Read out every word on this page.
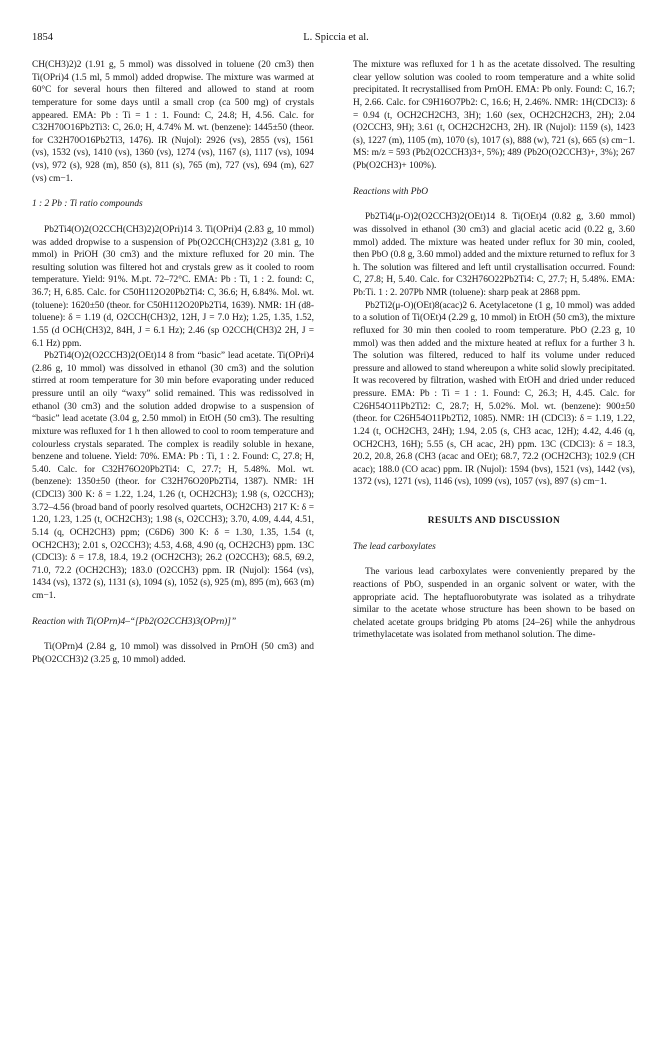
1854	L. Spiccia et al.

CH(CH3)2)2 (1.91 g, 5 mmol) was dissolved in toluene (20 cm3) then Ti(OPri)4 (1.5 ml, 5 mmol) added dropwise. The mixture was warmed at 60°C for several hours then filtered and allowed to stand at room temperature for some days until a small crop (ca 500 mg) of crystals appeared. EMA: Pb : Ti = 1 : 1. Found: C, 24.8; H, 4.56. Calc. for C32H70O16Pb2Ti3: C, 26.0; H, 4.74% M. wt. (benzene): 1445±50 (theor. for C32H70O16Pb2Ti3, 1476). IR (Nujol): 2926 (vs), 2855 (vs), 1561 (vs), 1532 (vs), 1410 (vs), 1360 (vs), 1274 (vs), 1167 (s), 1117 (vs), 1094 (vs), 972 (s), 928 (m), 850 (s), 811 (s), 765 (m), 727 (vs), 694 (m), 627 (vs) cm−1.

1 : 2 Pb : Ti ratio compounds

Pb2Ti4(O)2(O2CCH(CH3)2)2(OPri)14 3. Ti(OPri)4 (2.83 g, 10 mmol) was added dropwise to a suspension of Pb(O2CCH(CH3)2)2 (3.81 g, 10 mmol) in PriOH (30 cm3) and the mixture refluxed for 20 min. The resulting solution was filtered hot and crystals grew as it cooled to room temperature. Yield: 91%. M.pt. 72–72°C. EMA: Pb : Ti, 1 : 2. found: C, 36.7; H, 6.85. Calc. for C50H112O20Pb2Ti4: C, 36.6; H, 6.84%. Mol. wt. (toluene): 1620±50 (theor. for C50H112O20Pb2Ti4, 1639). NMR: 1H (d8-toluene): δ = 1.19 (d, O2CCH(CH3)2, 12H, J = 7.0 Hz); 1.25, 1.35, 1.52, 1.55 (d OCH(CH3)2, 84H, J = 6.1 Hz); 2.46 (sp O2CCH(CH3)2 2H, J = 6.1 Hz) ppm.

Pb2Ti4(O)2(O2CCH3)2(OEt)14 8 from “basic” lead acetate. Ti(OPri)4 (2.86 g, 10 mmol) was dissolved in ethanol (30 cm3) and the solution stirred at room temperature for 30 min before evaporating under reduced pressure until an oily “waxy” solid remained. This was redissolved in ethanol (30 cm3) and the solution added dropwise to a suspension of “basic” lead acetate (3.04 g, 2.50 mmol) in EtOH (50 cm3). The resulting mixture was refluxed for 1 h then allowed to cool to room temperature and colourless crystals separated. The complex is readily soluble in hexane, benzene and toluene. Yield: 70%. EMA: Pb : Ti, 1 : 2. Found: C, 27.8; H, 5.40. Calc. for C32H76O20Pb2Ti4: C, 27.7; H, 5.48%. Mol. wt. (benzene): 1350±50 (theor. for C32H76O20Pb2Ti4, 1387). NMR: 1H (CDCl3) 300 K: δ = 1.22, 1.24, 1.26 (t, OCH2CH3); 1.98 (s, O2CCH3); 3.72–4.56 (broad band of poorly resolved quartets, OCH2CH3) 217 K: δ = 1.20, 1.23, 1.25 (t, OCH2CH3); 1.98 (s, O2CCH3); 3.70, 4.09, 4.44, 4.51, 5.14 (q, OCH2CH3) ppm; (C6D6) 300 K: δ = 1.30, 1.35, 1.54 (t, OCH2CH3); 2.01 s, O2CCH3); 4.53, 4.68, 4.90 (q, OCH2CH3) ppm. 13C (CDCl3): δ = 17.8, 18.4, 19.2 (OCH2CH3); 26.2 (O2CCH3); 68.5, 69.2, 71.0, 72.2 (OCH2CH3); 183.0 (O2CCH3) ppm. IR (Nujol): 1564 (vs), 1434 (vs), 1372 (s), 1131 (s), 1094 (s), 1052 (s), 925 (m), 895 (m), 663 (m) cm−1.

Reaction with Ti(OPrn)4–“[Pb2(O2CCH3)3(OPrn)]”

Ti(OPrn)4 (2.84 g, 10 mmol) was dissolved in PrnOH (50 cm3) and Pb(O2CCH3)2 (3.25 g, 10 mmol) added.

The mixture was refluxed for 1 h as the acetate dissolved. The resulting clear yellow solution was cooled to room temperature and a white solid precipitated. It recrystallised from PrnOH. EMA: Pb only. Found: C, 16.7; H, 2.66. Calc. for C9H16O7Pb2: C, 16.6; H, 2.46%. NMR: 1H(CDCl3): δ = 0.94 (t, OCH2CH2CH3, 3H); 1.60 (sex, OCH2CH2CH3, 2H); 2.04 (O2CCH3, 9H); 3.61 (t, OCH2CH2CH3, 2H). IR (Nujol): 1159 (s), 1423 (s), 1227 (m), 1105 (m), 1070 (s), 1017 (s), 888 (w), 721 (s), 665 (s) cm−1. MS: m/z = 593 (Pb2(O2CCH3)3+, 5%); 489 (Pb2O(O2CCH3)+, 3%); 267 (Pb(O2CH3)+ 100%).

Reactions with PbO

Pb2Ti4(μ-O)2(O2CCH3)2(OEt)14 8. Ti(OEt)4 (0.82 g, 3.60 mmol) was dissolved in ethanol (30 cm3) and glacial acetic acid (0.22 g, 3.60 mmol) added. The mixture was heated under reflux for 30 min, cooled, then PbO (0.8 g, 3.60 mmol) added and the mixture returned to reflux for 3 h. The solution was filtered and left until crystallisation occurred. Found: C, 27.8; H, 5.40. Calc. for C32H76O22Pb2Ti4: C, 27.7; H, 5.48%. EMA: Pb:Ti. 1 : 2. 207Pb NMR (toluene): sharp peak at 2868 ppm.

Pb2Ti2(μ-O)(OEt)8(acac)2 6. Acetylacetone (1 g, 10 mmol) was added to a solution of Ti(OEt)4 (2.29 g, 10 mmol) in EtOH (50 cm3), the mixture refluxed for 30 min then cooled to room temperature. PbO (2.23 g, 10 mmol) was then added and the mixture heated at reflux for a further 3 h. The solution was filtered, reduced to half its volume under reduced pressure and allowed to stand whereupon a white solid slowly precipitated. It was recovered by filtration, washed with EtOH and dried under reduced pressure. EMA: Pb : Ti = 1 : 1. Found: C, 26.3; H, 4.45. Calc. for C26H54O11Pb2Ti2: C, 28.7; H, 5.02%. Mol. wt. (benzene): 900±50 (theor. for C26H54O11Pb2Ti2, 1085). NMR: 1H (CDCl3): δ = 1.19, 1.22, 1.24 (t, OCH2CH3, 24H); 1.94, 2.05 (s, CH3 acac, 12H); 4.42, 4.46 (q, OCH2CH3, 16H); 5.55 (s, CH acac, 2H) ppm. 13C (CDCl3): δ = 18.3, 20.2, 20.8, 26.8 (CH3 (acac and OEt); 68.7, 72.2 (OCH2CH3); 102.9 (CH acac); 188.0 (CO acac) ppm. IR (Nujol): 1594 (bvs), 1521 (vs), 1442 (vs), 1372 (vs), 1271 (vs), 1146 (vs), 1099 (vs), 1057 (vs), 897 (s) cm−1.

RESULTS AND DISCUSSION
The lead carboxylates

The various lead carboxylates were conveniently prepared by the reactions of PbO, suspended in an organic solvent or water, with the appropriate acid. The heptafluorobutyrate was isolated as a trihydrate similar to the acetate whose structure has been shown to be based on chelated acetate groups bridging Pb atoms [24–26] while the anhydrous trimethylacetate was isolated from methanol solution. The dime-
